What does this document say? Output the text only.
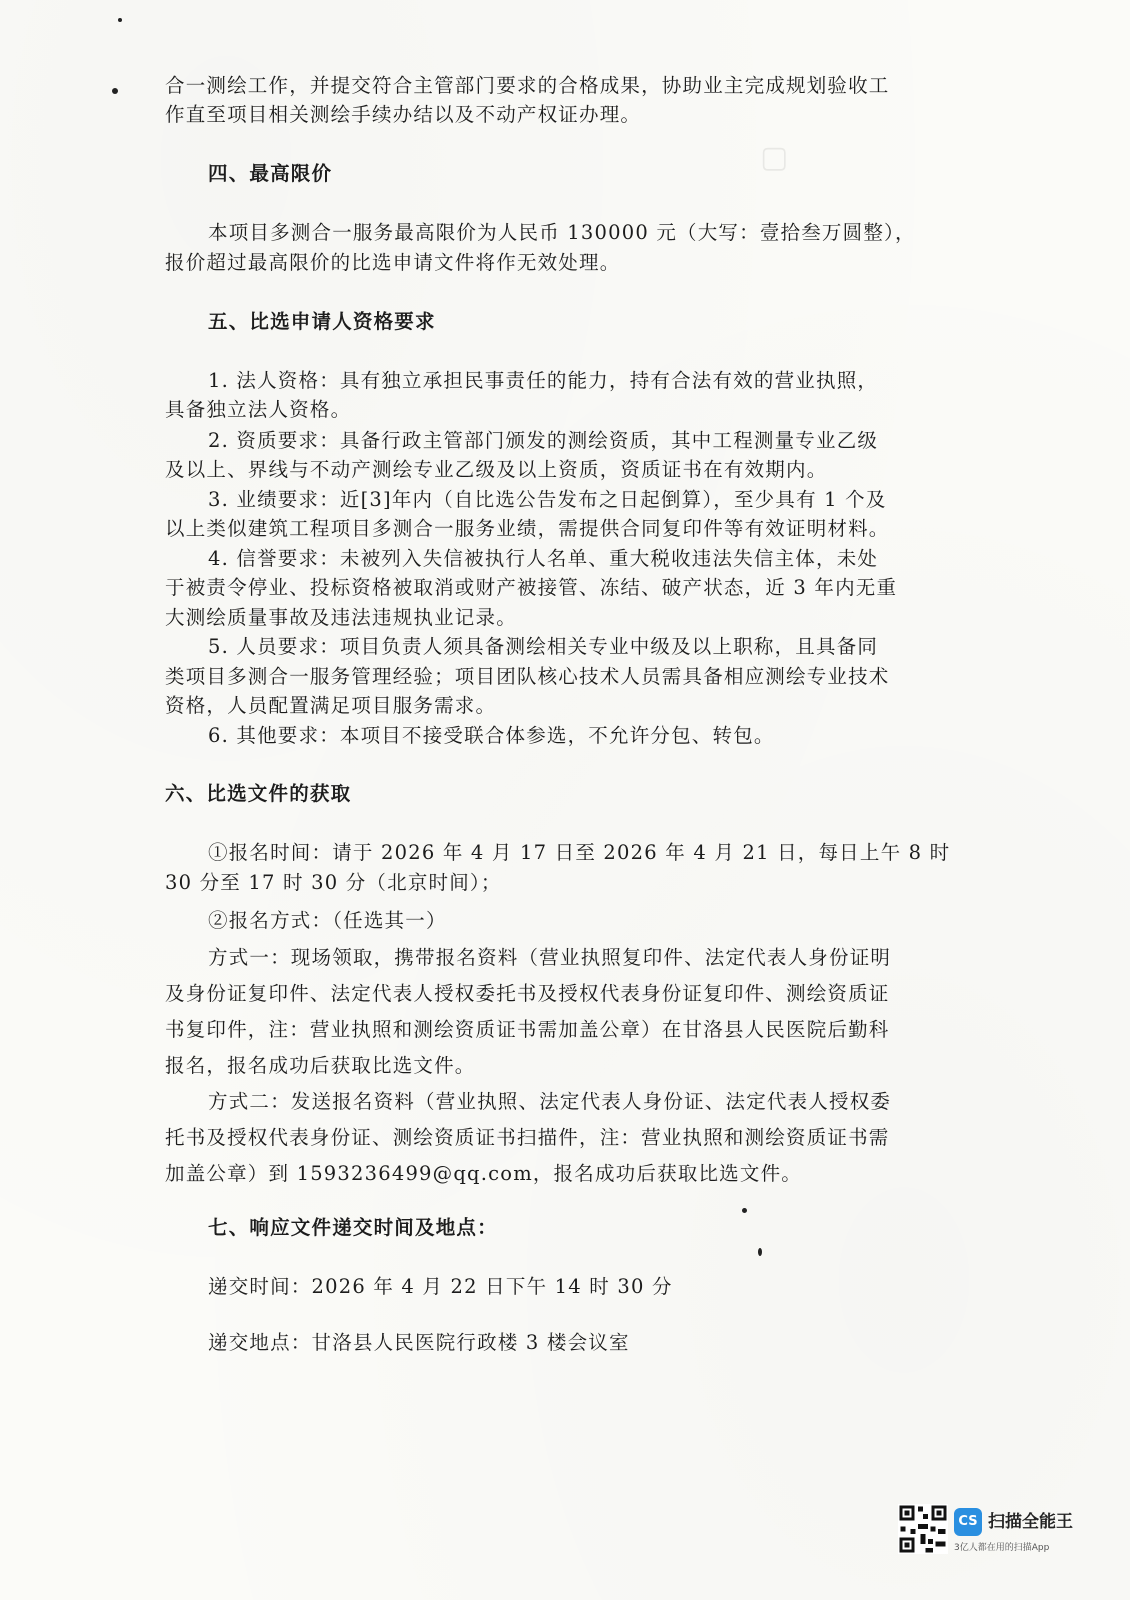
▢
合一测绘工作，并提交符合主管部门要求的合格成果，协助业主完成规划验收工
作直至项目相关测绘手续办结以及不动产权证办理。
四、最高限价
本项目多测合一服务最高限价为人民币 130000 元（大写：壹拾叁万圆整），
报价超过最高限价的比选申请文件将作无效处理。
五、比选申请人资格要求
1. 法人资格：具有独立承担民事责任的能力，持有合法有效的营业执照，
具备独立法人资格。
2. 资质要求：具备行政主管部门颁发的测绘资质，其中工程测量专业乙级
及以上、界线与不动产测绘专业乙级及以上资质，资质证书在有效期内。
3. 业绩要求：近[3]年内（自比选公告发布之日起倒算），至少具有 1 个及
以上类似建筑工程项目多测合一服务业绩，需提供合同复印件等有效证明材料。
4. 信誉要求：未被列入失信被执行人名单、重大税收违法失信主体，未处
于被责令停业、投标资格被取消或财产被接管、冻结、破产状态，近 3 年内无重
大测绘质量事故及违法违规执业记录。
5. 人员要求：项目负责人须具备测绘相关专业中级及以上职称，且具备同
类项目多测合一服务管理经验；项目团队核心技术人员需具备相应测绘专业技术
资格，人员配置满足项目服务需求。
6. 其他要求：本项目不接受联合体参选，不允许分包、转包。
六、比选文件的获取
①报名时间：请于 2026 年 4 月 17 日至 2026 年 4 月 21 日，每日上午 8 时
30 分至 17 时 30 分（北京时间）；
②报名方式：（任选其一）
方式一：现场领取，携带报名资料（营业执照复印件、法定代表人身份证明
及身份证复印件、法定代表人授权委托书及授权代表身份证复印件、测绘资质证
书复印件，注：营业执照和测绘资质证书需加盖公章）在甘洛县人民医院后勤科
报名，报名成功后获取比选文件。
方式二：发送报名资料（营业执照、法定代表人身份证、法定代表人授权委
托书及授权代表身份证、测绘资质证书扫描件，注：营业执照和测绘资质证书需
加盖公章）到 1593236499@qq.com，报名成功后获取比选文件。
七、响应文件递交时间及地点：
递交时间：2026 年 4 月 22 日下午 14 时 30 分
递交地点：甘洛县人民医院行政楼 3 楼会议室
CS 扫描全能王
3亿人都在用的扫描App
